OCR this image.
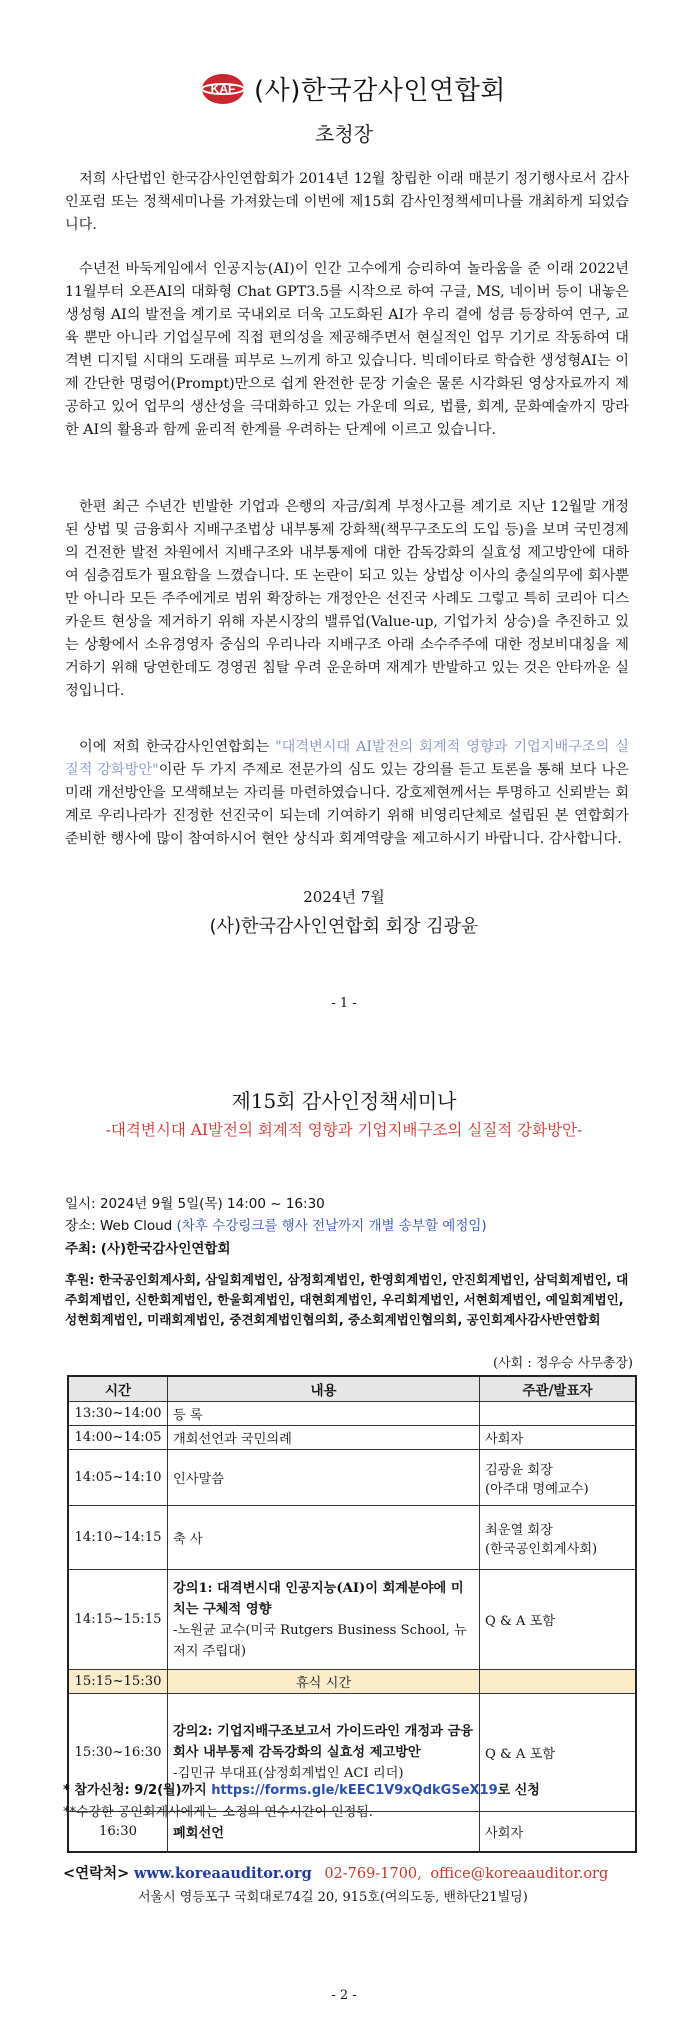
KAF (사)한국감사인연합회
초청장
저희 사단법인 한국감사인연합회가 2014년 12월 창립한 이래 매분기 정기행사로서 감사인포럼 또는 정책세미나를 가져왔는데 이번에 제15회 감사인정책세미나를 개최하게 되었습니다.
수년전 바둑게임에서 인공지능(AI)이 인간 고수에게 승리하여 놀라움을 준 이래 2022년 11월부터 오픈AI의 대화형 Chat GPT3.5를 시작으로 하여 구글, MS, 네이버 등이 내놓은 생성형 AI의 발전을 계기로 국내외로 더욱 고도화된 AI가 우리 곁에 성큼 등장하여 연구, 교육 뿐만 아니라 기업실무에 직접 편의성을 제공해주면서 현실적인 업무 기기로 작동하여 대격변 디지털 시대의 도래를 피부로 느끼게 하고 있습니다. 빅데이타로 학습한 생성형AI는 이제 간단한 명령어(Prompt)만으로 쉽게 완전한 문장 기술은 물론 시각화된 영상자료까지 제공하고 있어 업무의 생산성을 극대화하고 있는 가운데 의료, 법률, 회계, 문화예술까지 망라한 AI의 활용과 함께 윤리적 한계를 우려하는 단계에 이르고 있습니다.
한편 최근 수년간 빈발한 기업과 은행의 자금/회계 부정사고를 계기로 지난 12월말 개정된 상법 및 금융회사 지배구조법상 내부통제 강화책(책무구조도의 도입 등)을 보며 국민경제의 건전한 발전 차원에서 지배구조와 내부통제에 대한 감독강화의 실효성 제고방안에 대하여 심층검토가 필요함을 느꼈습니다. 또 논란이 되고 있는 상법상 이사의 충실의무에 회사뿐만 아니라 모든 주주에게로 범위 확장하는 개정안은 선진국 사례도 그렇고 특히 코리아 디스카운트 현상을 제거하기 위해 자본시장의 밸류업(Value-up, 기업가치 상승)을 추진하고 있는 상황에서 소유경영자 중심의 우리나라 지배구조 아래 소수주주에 대한 정보비대칭을 제거하기 위해 당연한데도 경영권 침탈 우려 운운하며 재계가 반발하고 있는 것은 안타까운 실정입니다.
이에 저희 한국감사인연합회는 "대격변시대 AI발전의 회계적 영향과 기업지배구조의 실질적 강화방안"이란 두 가지 주제로 전문가의 심도 있는 강의를 듣고 토론을 통해 보다 나은 미래 개선방안을 모색해보는 자리를 마련하였습니다. 강호제현께서는 투명하고 신뢰받는 회계로 우리나라가 진정한 선진국이 되는데 기여하기 위해 비영리단체로 설립된 본 연합회가 준비한 행사에 많이 참여하시어 현안 상식과 회계역량을 제고하시기 바랍니다. 감사합니다.
2024년 7월
(사)한국감사인연합회 회장 김광윤
- 1 -
제15회 감사인정책세미나
-대격변시대 AI발전의 회계적 영향과 기업지배구조의 실질적 강화방안-
일시: 2024년 9월 5일(목) 14:00 ~ 16:30
장소: Web Cloud (차후 수강링크를 행사 전날까지 개별 송부할 예정임)
주최: (사)한국감사인연합회
후원: 한국공인회계사회, 삼일회계법인, 삼정회계법인, 한영회계법인, 안진회계법인, 삼덕회계법인, 대주회계법인, 신한회계법인, 한울회계법인, 대현회계법인, 우리회계법인, 서현회계법인, 예일회계법인, 성현회계법인, 미래회계법인, 중견회계법인협의회, 중소회계법인협의회, 공인회계사감사반연합회
(사회 : 정우승 사무총장)
시간	내용	주관/발표자
13:30~14:00	등 록	
14:00~14:05	개회선언과 국민의례	사회자
14:05~14:10	인사말씀	김광윤 회장
(아주대 명예교수)
14:10~14:15	축 사	최운열 회장
(한국공인회계사회)
14:15~15:15	강의1: 대격변시대 인공지능(AI)이 회계분야에 미치는 구체적 영향
-노원균 교수(미국 Rutgers Business School, 뉴저지 주립대)	Q & A 포함
15:15~15:30	휴식 시간	
15:30~16:30	강의2: 기업지배구조보고서 가이드라인 개정과 금융회사 내부통제 감독강화의 실효성 제고방안
-김민규 부대표(삼정회계법인 ACI 리더)	Q & A 포함
16:30	폐회선언	사회자
* 참가신청: 9/2(월)까지 https://forms.gle/kEEC1V9xQdkGSeX19로 신청
**수강한 공인회계사에게는 소정의 연수시간이 인정됨.
<연락처> www.koreaauditor.org 02-769-1700, office@koreaauditor.org
서울시 영등포구 국회대로74길 20, 915호(여의도동, 밴하단21빌딩)
- 2 -
